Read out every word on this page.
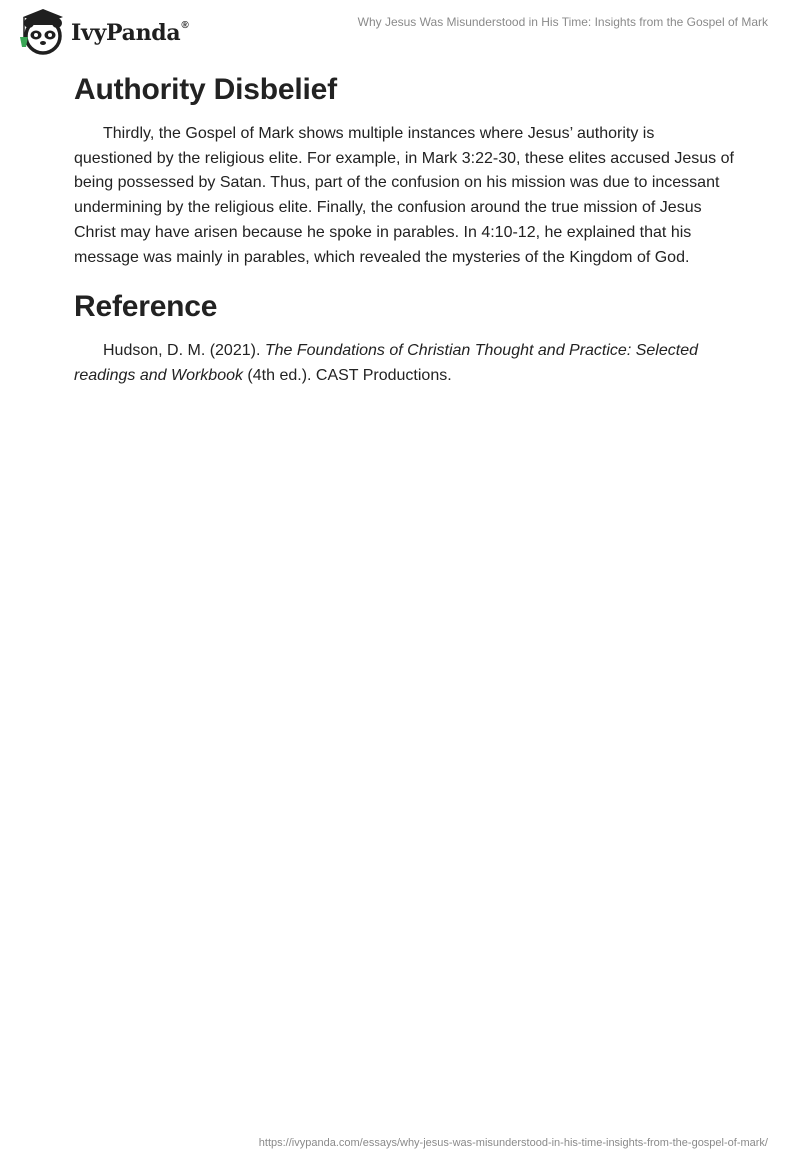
IvyPanda®	Why Jesus Was Misunderstood in His Time: Insights from the Gospel of Mark
Authority Disbelief

Thirdly, the Gospel of Mark shows multiple instances where Jesus’ authority is questioned by the religious elite. For example, in Mark 3:22-30, these elites accused Jesus of being possessed by Satan. Thus, part of the confusion on his mission was due to incessant undermining by the religious elite. Finally, the confusion around the true mission of Jesus Christ may have arisen because he spoke in parables. In 4:10-12, he explained that his message was mainly in parables, which revealed the mysteries of the Kingdom of God.

Reference

Hudson, D. M. (2021). The Foundations of Christian Thought and Practice: Selected readings and Workbook (4th ed.). CAST Productions.

https://ivypanda.com/essays/why-jesus-was-misunderstood-in-his-time-insights-from-the-gospel-of-mark/
